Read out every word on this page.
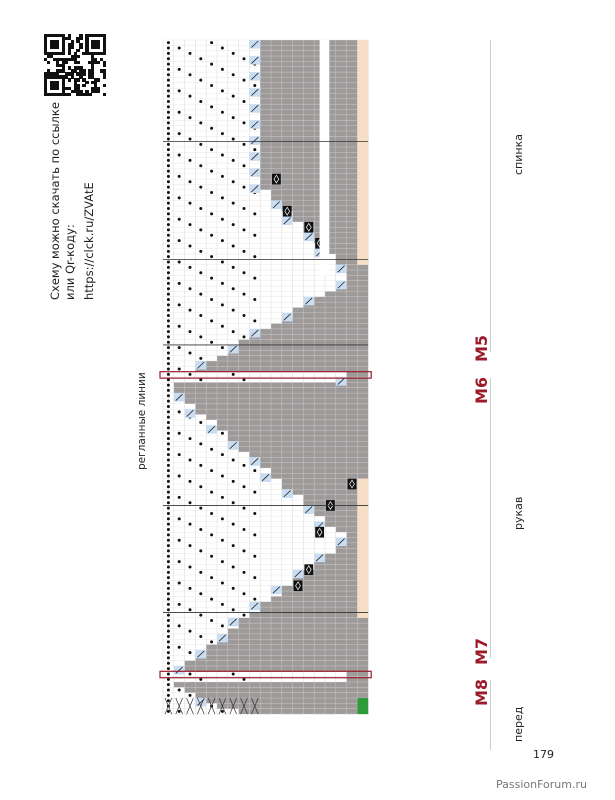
Схему можно скачать по ссылке или Qr-коду: https://clck.ru/ZVAtE
регланные линии
M5
M6
M7
M8
спинка
рукав
перед
179
PassionForum.ru
